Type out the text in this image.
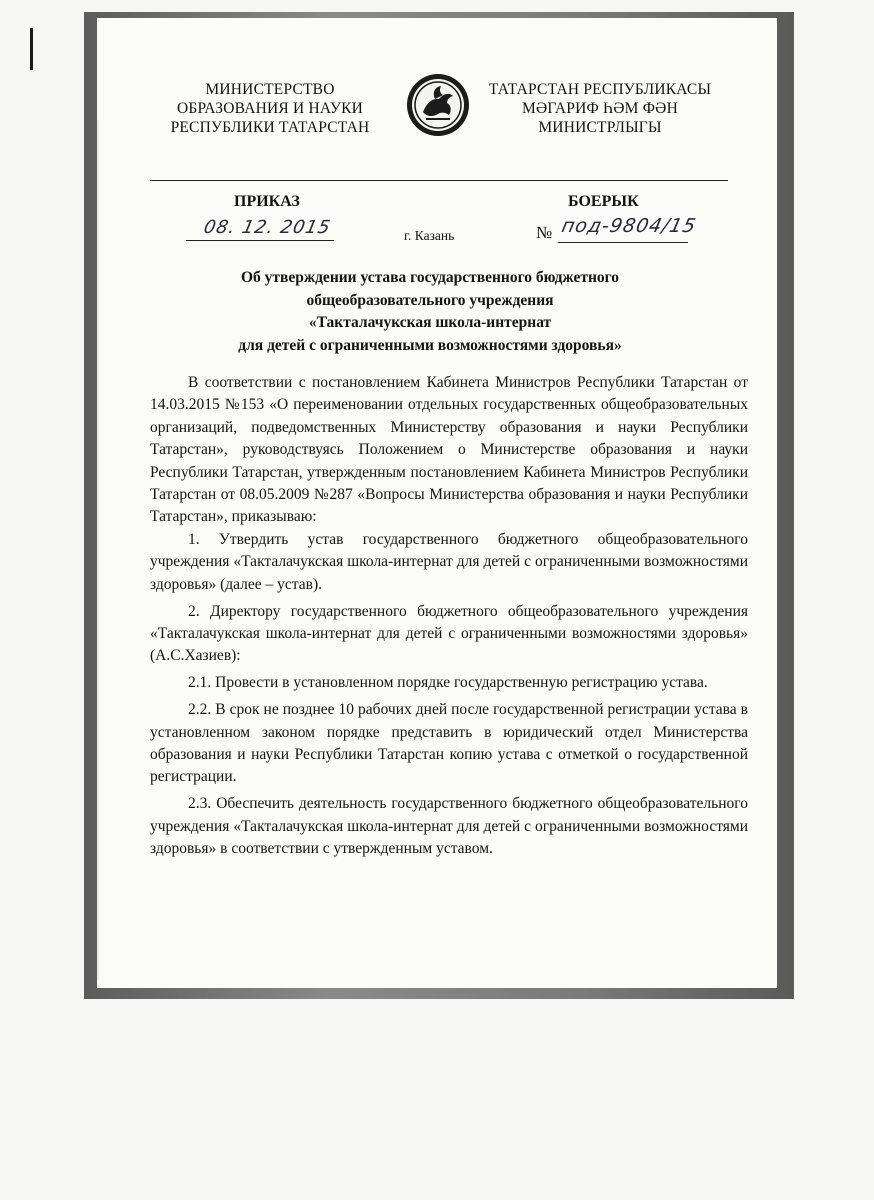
МИНИСТЕРСТВО
ОБРАЗОВАНИЯ И НАУКИ
РЕСПУБЛИКИ ТАТАРСТАН
ТАТАРСТАН РЕСПУБЛИКАСЫ
МӘГАРИФ ҺӘМ ФӘН
МИНИСТРЛЫГЫ
ПРИКАЗ	БОЕРЫК
08. 12. 2015	г. Казань	№ под-9804/15
Об утверждении устава государственного бюджетного
общеобразовательного учреждения
«Такталачукская школа-интернат
для детей с ограниченными возможностями здоровья»

В соответствии с постановлением Кабинета Министров Республики Татарстан от 14.03.2015 №153 «О переименовании отдельных государственных общеобразовательных организаций, подведомственных Министерству образования и науки Республики Татарстан», руководствуясь Положением о Министерстве образования и науки Республики Татарстан, утвержденным постановлением Кабинета Министров Республики Татарстан от 08.05.2009 №287 «Вопросы Министерства образования и науки Республики Татарстан», приказываю:

1. Утвердить устав государственного бюджетного общеобразовательного учреждения «Такталачукская школа-интернат для детей с ограниченными возможностями здоровья» (далее – устав).

2. Директору государственного бюджетного общеобразовательного учреждения «Такталачукская школа-интернат для детей с ограниченными возможностями здоровья» (А.С.Хазиев):

2.1. Провести в установленном порядке государственную регистрацию устава.

2.2. В срок не позднее 10 рабочих дней после государственной регистрации устава в установленном законом порядке представить в юридический отдел Министерства образования и науки Республики Татарстан копию устава с отметкой о государственной регистрации.

2.3. Обеспечить деятельность государственного бюджетного общеобразовательного учреждения «Такталачукская школа-интернат для детей с ограниченными возможностями здоровья» в соответствии с утвержденным уставом.
